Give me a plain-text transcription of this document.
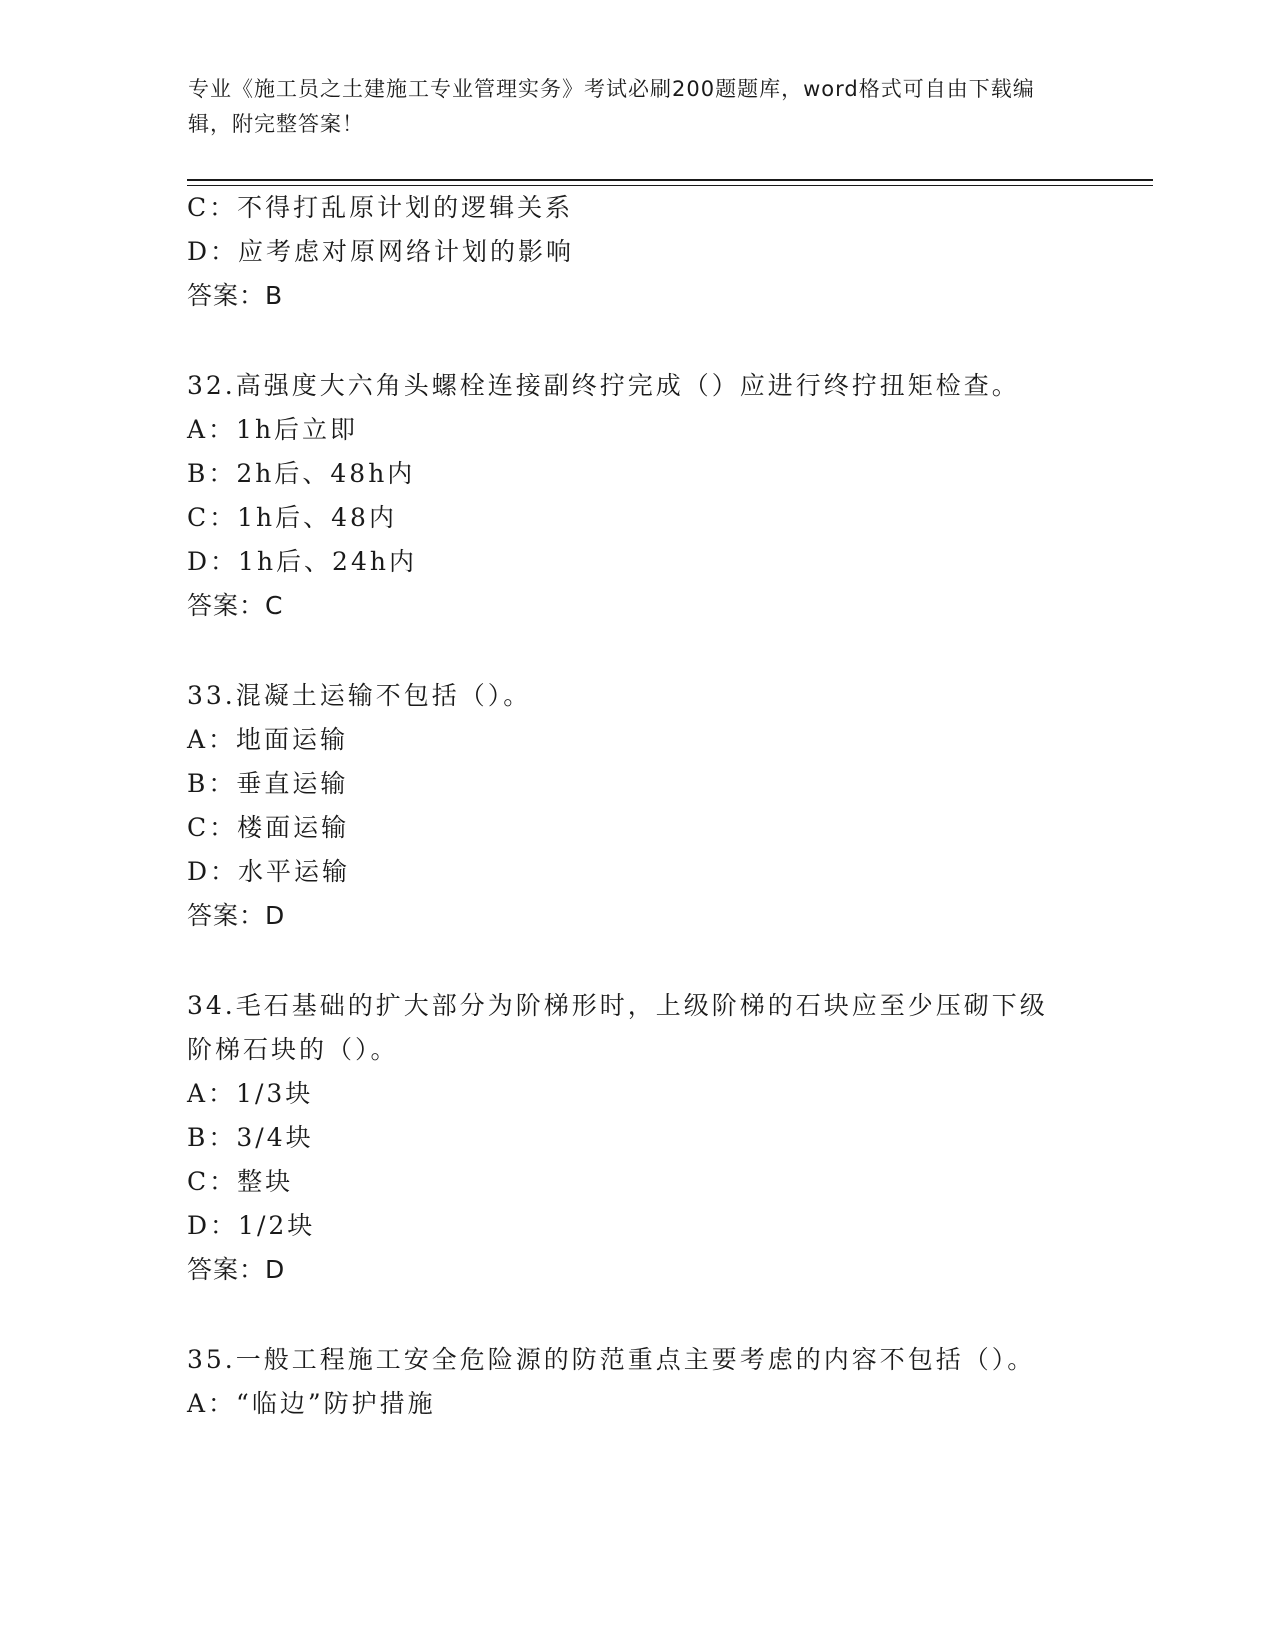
专业《施工员之土建施工专业管理实务》考试必刷200题题库，word格式可自由下载编辑，附完整答案！
C：不得打乱原计划的逻辑关系
D：应考虑对原网络计划的影响
答案：B
32.高强度大六角头螺栓连接副终拧完成（）应进行终拧扭矩检查。
A：1h后立即
B：2h后、48h内
C：1h后、48内
D：1h后、24h内
答案：C
33.混凝土运输不包括（）。
A：地面运输
B：垂直运输
C：楼面运输
D：水平运输
答案：D
34.毛石基础的扩大部分为阶梯形时，上级阶梯的石块应至少压砌下级
阶梯石块的（）。
A：1/3块
B：3/4块
C：整块
D：1/2块
答案：D
35.一般工程施工安全危险源的防范重点主要考虑的内容不包括（）。
A：“临边”防护措施
